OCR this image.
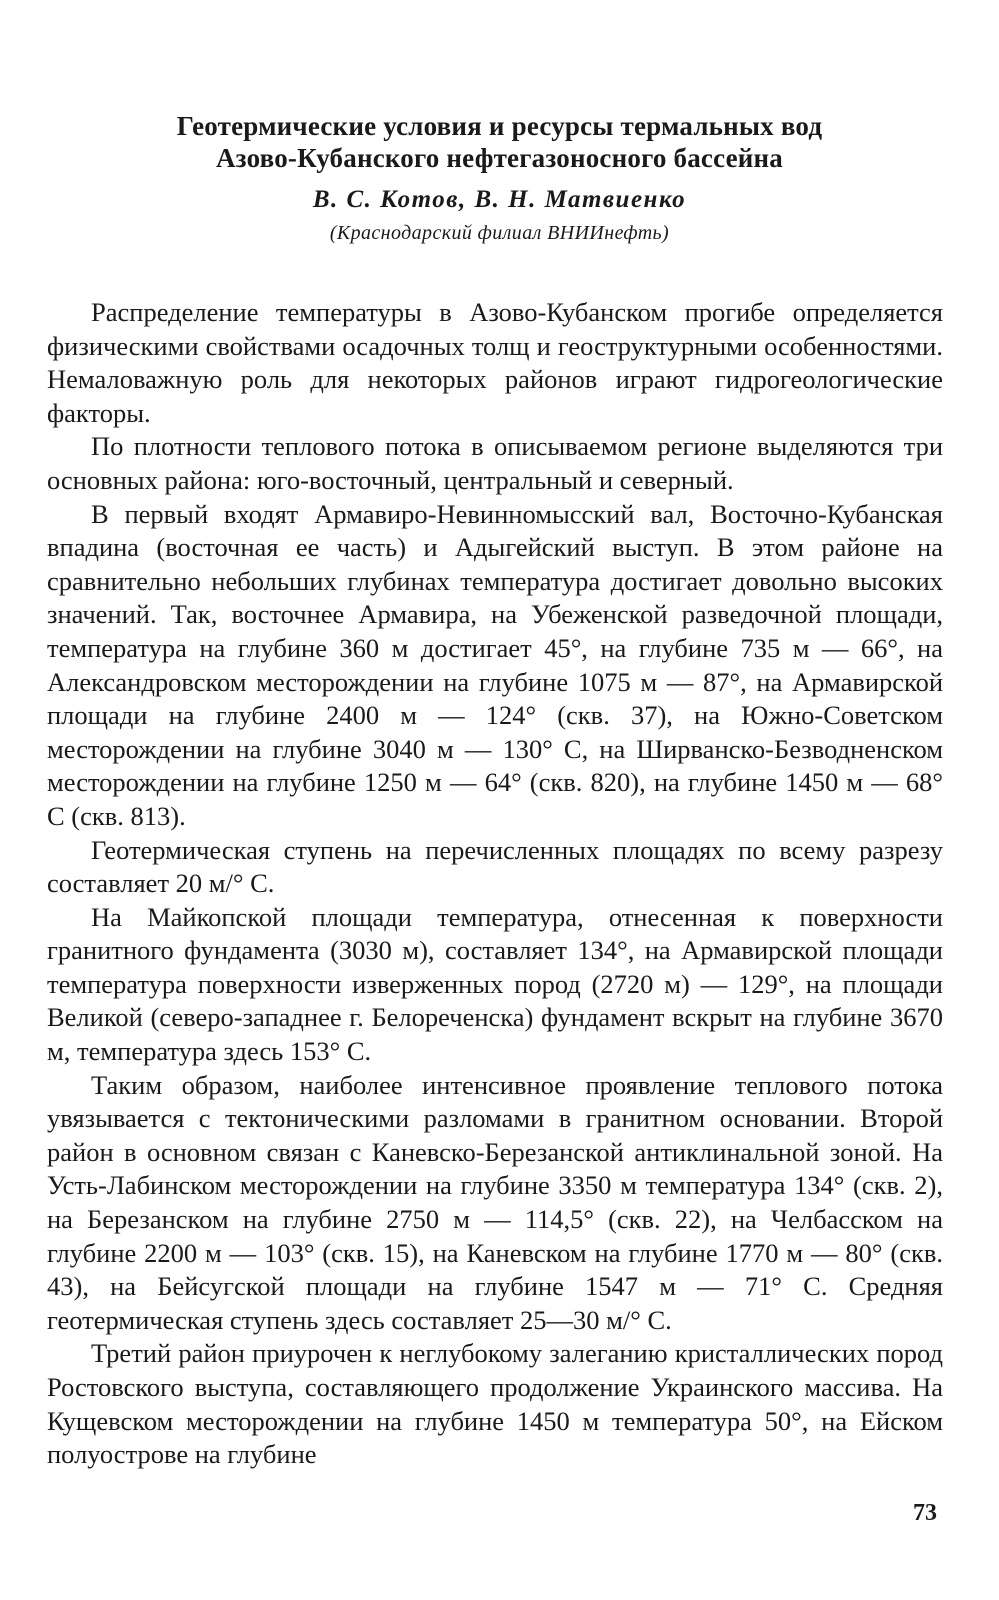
Геотермические условия и ресурсы термальных вод
Азово-Кубанского нефтегазоносного бассейна
В. С. Котов, В. Н. Матвиенко
(Краснодарский филиал ВНИИнефть)

Распределение температуры в Азово-Кубанском прогибе определяется физическими свойствами осадочных толщ и геоструктурными особенностями. Немаловажную роль для некоторых районов играют гидрогеологические факторы.

По плотности теплового потока в описываемом регионе выделяются три основных района: юго-восточный, центральный и северный.

В первый входят Армавиро-Невинномысский вал, Восточно-Кубанская впадина (восточная ее часть) и Адыгейский выступ. В этом районе на сравнительно небольших глубинах температура достигает довольно высоких значений. Так, восточнее Армавира, на Убеженской разведочной площади, температура на глубине 360 м достигает 45°, на глубине 735 м — 66°, на Александровском месторождении на глубине 1075 м — 87°, на Армавирской площади на глубине 2400 м — 124° (скв. 37), на Южно-Советском месторождении на глубине 3040 м — 130° С, на Ширванско-Безводненском месторождении на глубине 1250 м — 64° (скв. 820), на глубине 1450 м — 68° С (скв. 813).

Геотермическая ступень на перечисленных площадях по всему разрезу составляет 20 м/° С.

На Майкопской площади температура, отнесенная к поверхности гранитного фундамента (3030 м), составляет 134°, на Армавирской площади температура поверхности изверженных пород (2720 м) — 129°, на площади Великой (северо-западнее г. Белореченска) фундамент вскрыт на глубине 3670 м, температура здесь 153° С.

Таким образом, наиболее интенсивное проявление теплового потока увязывается с тектоническими разломами в гранитном основании. Второй район в основном связан с Каневско-Березанской антиклинальной зоной. На Усть-Лабинском месторождении на глубине 3350 м температура 134° (скв. 2), на Березанском на глубине 2750 м — 114,5° (скв. 22), на Челбасском на глубине 2200 м — 103° (скв. 15), на Каневском на глубине 1770 м — 80° (скв. 43), на Бейсугской площади на глубине 1547 м — 71° С. Средняя геотермическая ступень здесь составляет 25—30 м/° С.

Третий район приурочен к неглубокому залеганию кристаллических пород Ростовского выступа, составляющего продолжение Украинского массива. На Кущевском месторождении на глубине 1450 м температура 50°, на Ейском полуострове на глубине

73
